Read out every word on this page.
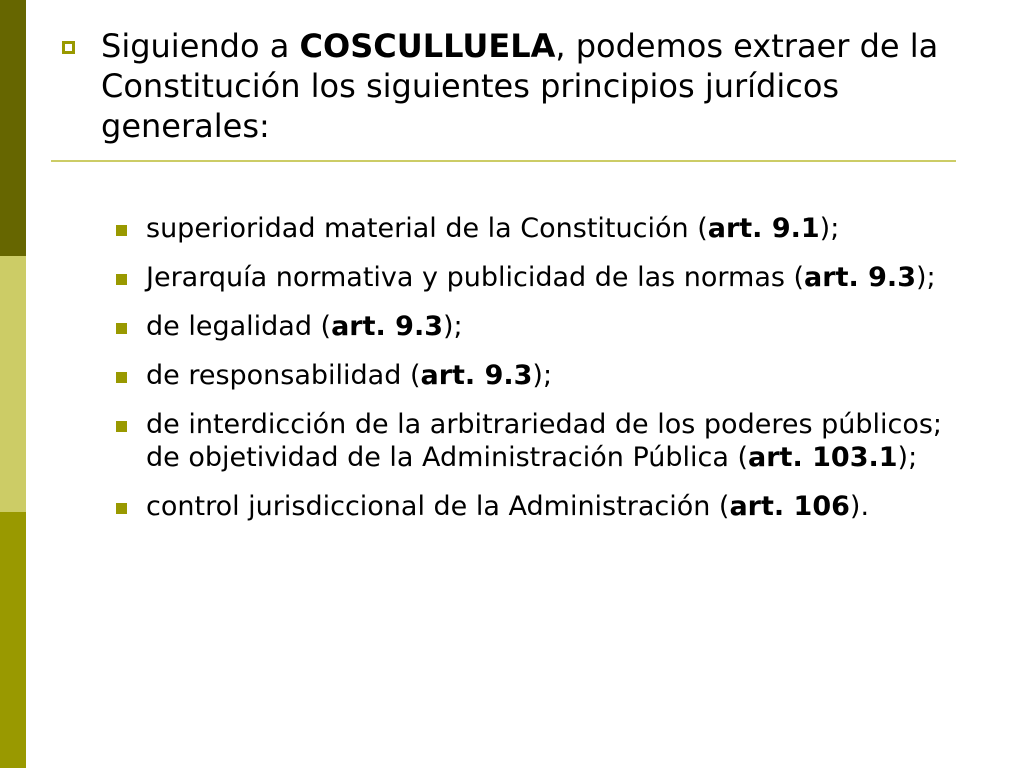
Siguiendo a COSCULLUELA, podemos extraer de la Constitución los siguientes principios jurídicos generales:

superioridad material de la Constitución (art. 9.1);
Jerarquía normativa y publicidad de las normas (art. 9.3);
de legalidad (art. 9.3);
de responsabilidad (art. 9.3);
de interdicción de la arbitrariedad de los poderes públicos; de objetividad de la Administración Pública (art. 103.1);
control jurisdiccional de la Administración (art. 106).
